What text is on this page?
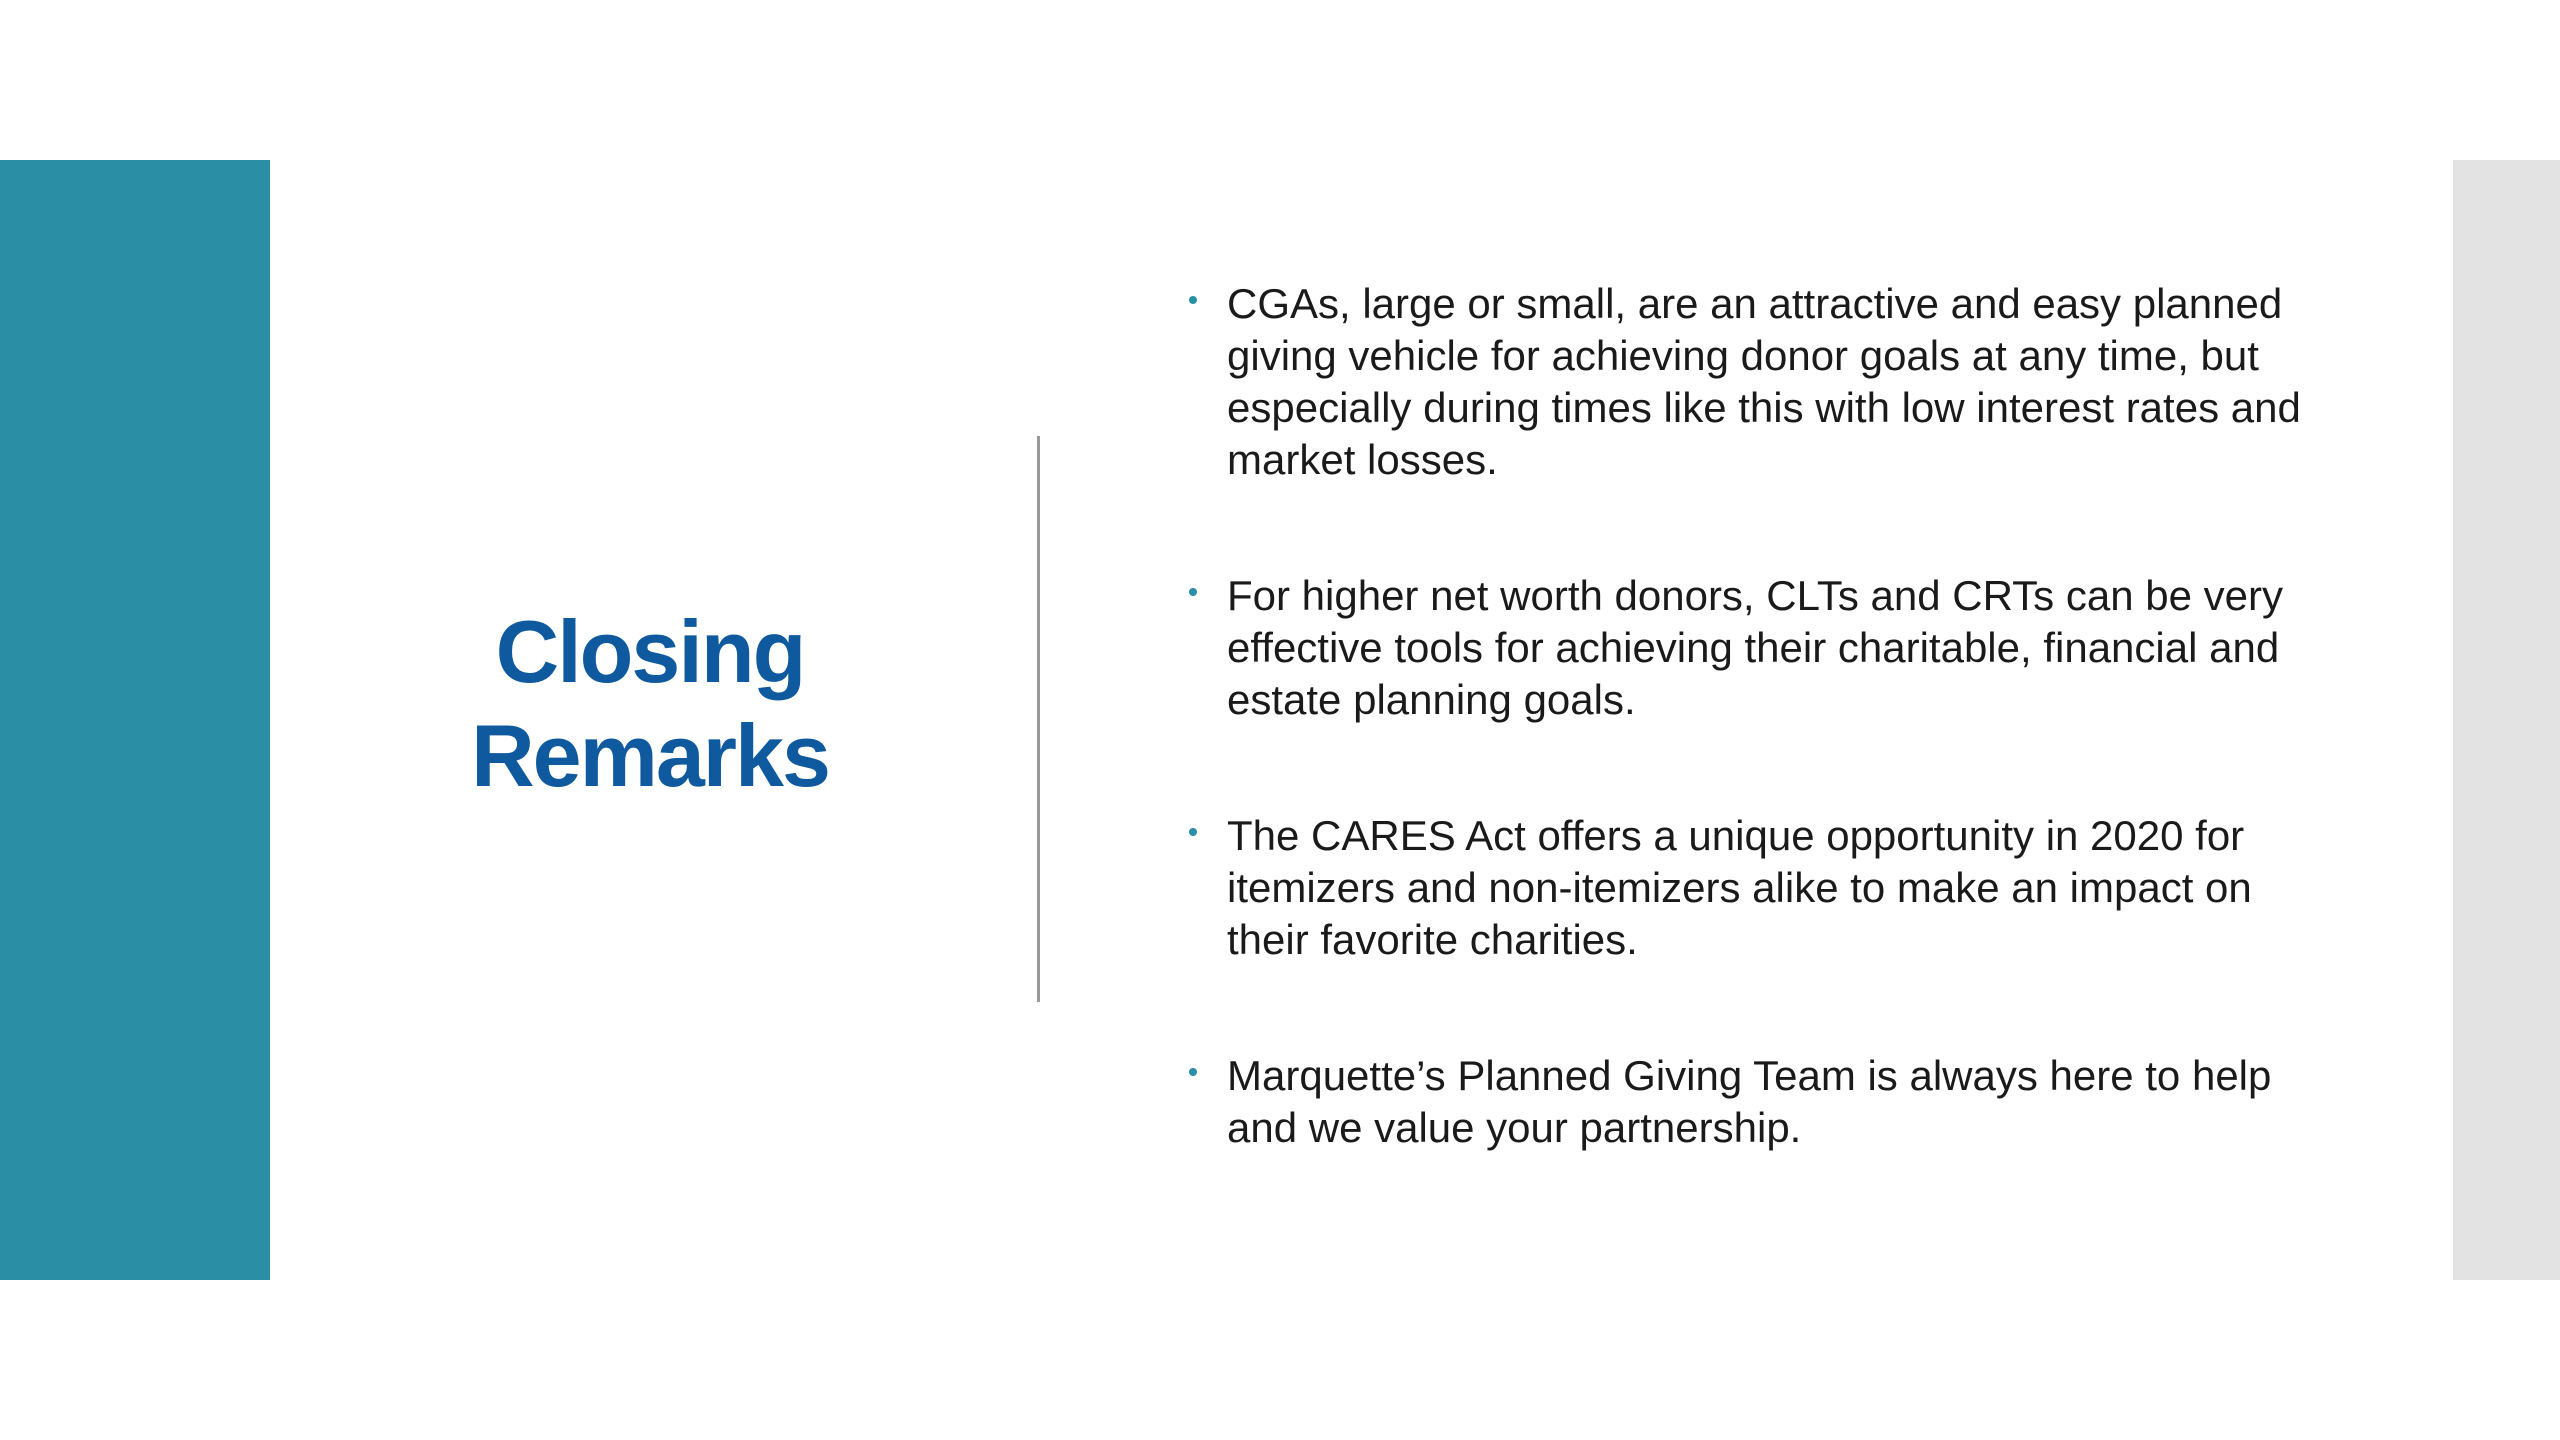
Closing
Remarks
CGAs, large or small, are an attractive and easy planned giving vehicle for achieving donor goals at any time, but especially during times like this with low interest rates and market losses.
For higher net worth donors, CLTs and CRTs can be very effective tools for achieving their charitable, financial and estate planning goals.
The CARES Act offers a unique opportunity in 2020 for itemizers and non-itemizers alike to make an impact on their favorite charities.
Marquette’s Planned Giving Team is always here to help and we value your partnership.
